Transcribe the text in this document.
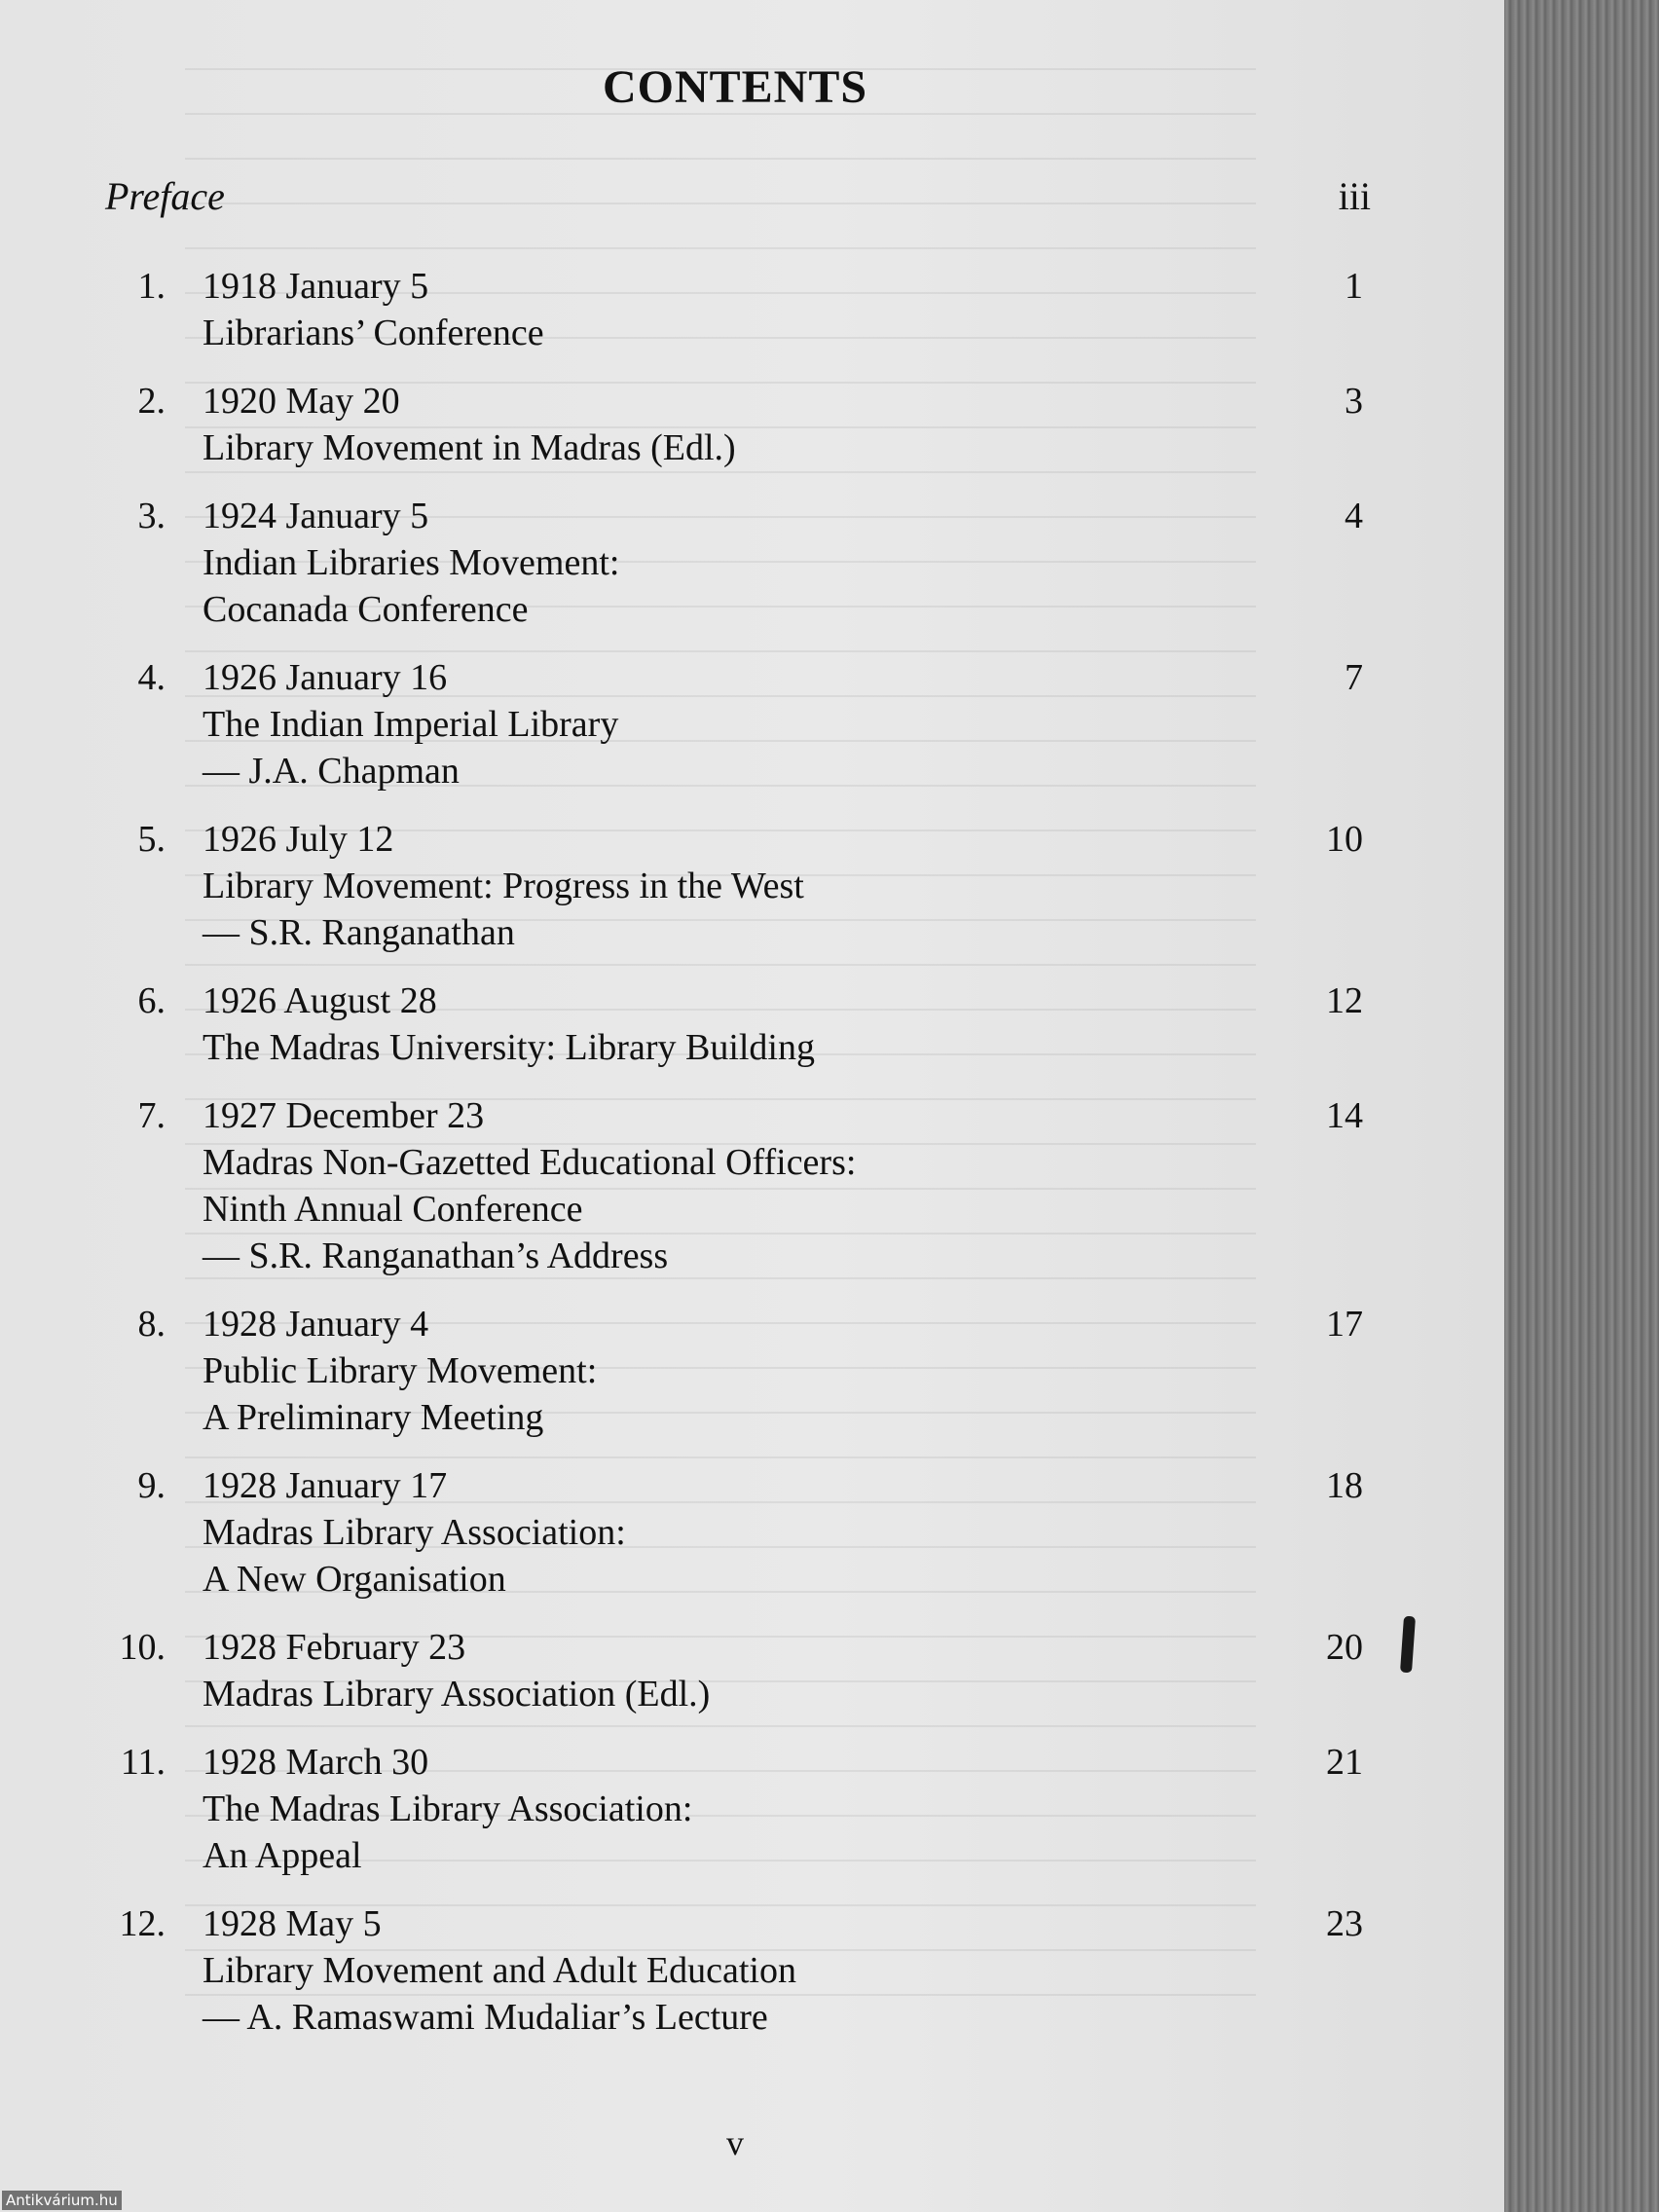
CONTENTS
Preface	iii
1. 1918 January 5
Librarians’ Conference
1
2. 1920 May 20
Library Movement in Madras (Edl.)
3
3. 1924 January 5
Indian Libraries Movement:
Cocanada Conference
4
4. 1926 January 16
The Indian Imperial Library
— J.A. Chapman
7
5. 1926 July 12
Library Movement: Progress in the West
— S.R. Ranganathan
10
6. 1926 August 28
The Madras University: Library Building
12
7. 1927 December 23
Madras Non-Gazetted Educational Officers:
Ninth Annual Conference
— S.R. Ranganathan’s Address
14
8. 1928 January 4
Public Library Movement:
A Preliminary Meeting
17
9. 1928 January 17
Madras Library Association:
A New Organisation
18
10. 1928 February 23
Madras Library Association (Edl.)
20
11. 1928 March 30
The Madras Library Association:
An Appeal
21
12. 1928 May 5
Library Movement and Adult Education
— A. Ramaswami Mudaliar’s Lecture
23
v
Antikvárium.hu
